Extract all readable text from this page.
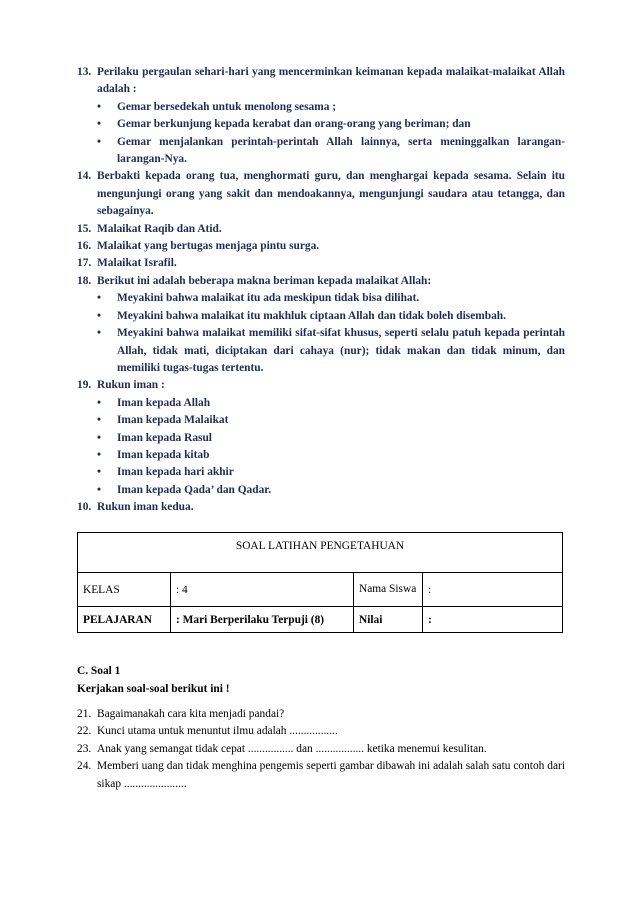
13. Perilaku pergaulan sehari-hari yang mencerminkan keimanan kepada malaikat-malaikat Allah adalah :
•	Gemar bersedekah untuk menolong sesama ;
•	Gemar berkunjung kepada kerabat dan orang-orang yang beriman; dan
•	Gemar menjalankan perintah-perintah Allah lainnya, serta meninggalkan larangan-larangan-Nya.
14. Berbakti kepada orang tua, menghormati guru, dan menghargai kepada sesama. Selain itu mengunjungi orang yang sakit dan mendoakannya, mengunjungi saudara atau tetangga, dan sebagainya.
15. Malaikat Raqib dan Atid.
16. Malaikat yang bertugas menjaga pintu surga.
17. Malaikat Israfil.
18. Berikut ini adalah beberapa makna beriman kepada malaikat Allah:
•	Meyakini bahwa malaikat itu ada meskipun tidak bisa dilihat.
•	Meyakini bahwa malaikat itu makhluk ciptaan Allah dan tidak boleh disembah.
•	Meyakini bahwa malaikat memiliki sifat-sifat khusus, seperti selalu patuh kepada perintah Allah, tidak mati, diciptakan dari cahaya (nur); tidak makan dan tidak minum, dan memiliki tugas-tugas tertentu.
19. Rukun iman :
•	Iman kepada Allah
•	Iman kepada Malaikat
•	Iman kepada Rasul
•	Iman kepada kitab
•	Iman kepada hari akhir
•	Iman kepada Qada’ dan Qadar.
10. Rukun iman kedua.
SOAL LATIHAN PENGETAHUAN			
KELAS	: 4	Nama Siswa	:
PELAJARAN	: Mari Berperilaku Terpuji (8)	Nilai	:
C. Soal 1
Kerjakan soal-soal berikut ini !
21. Bagaimanakah cara kita menjadi pandai?
22. Kunci utama untuk menuntut ilmu adalah .................
23. Anak yang semangat tidak cepat ................ dan ................. ketika menemui kesulitan.
24. Memberi uang dan tidak menghina pengemis seperti gambar dibawah ini adalah salah satu contoh dari sikap ......................
